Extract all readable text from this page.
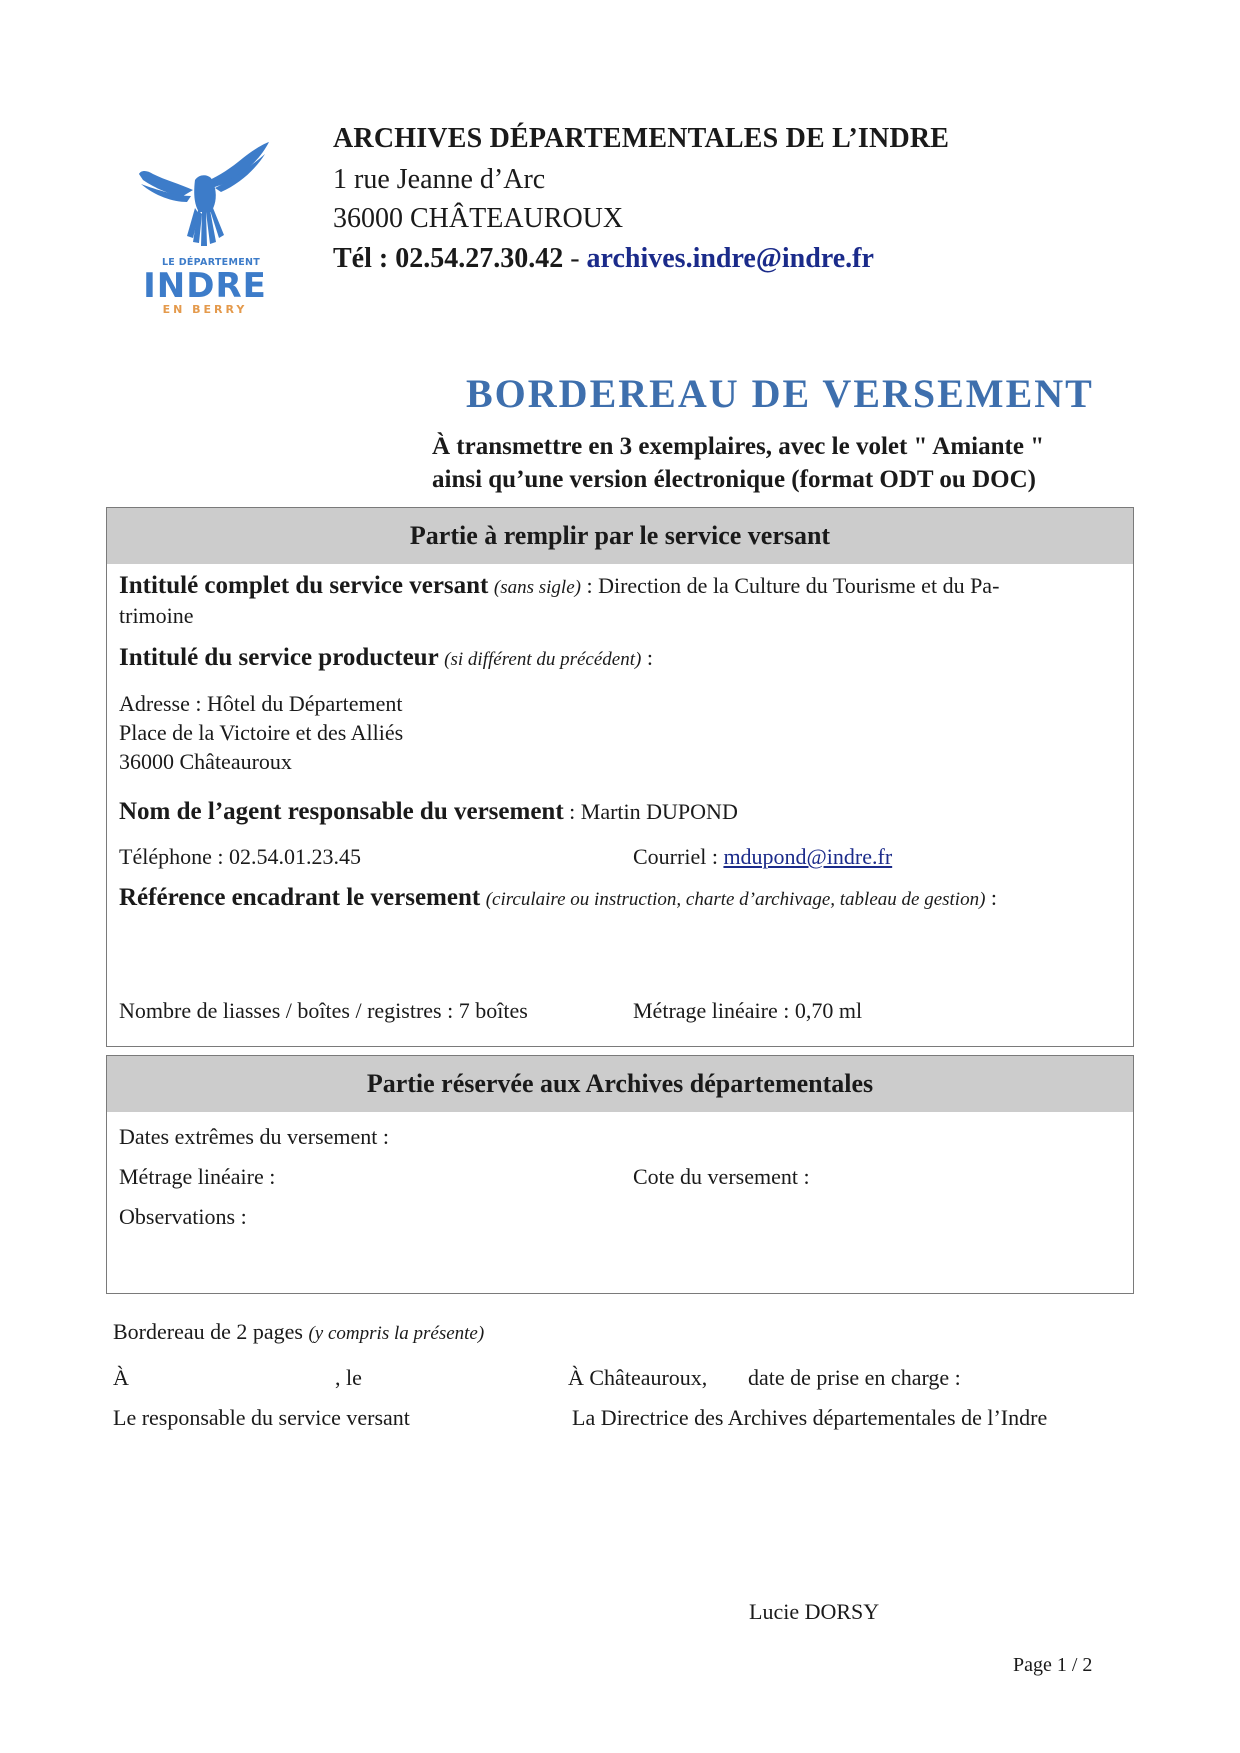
LE DÉPARTEMENT
INDRE
EN BERRY
ARCHIVES DÉPARTEMENTALES DE L’INDRE
1 rue Jeanne d’Arc
36000 CHÂTEAUROUX
Tél : 02.54.27.30.42 - archives.indre@indre.fr
BORDEREAU DE VERSEMENT
À transmettre en 3 exemplaires, avec le volet " Amiante "
ainsi qu’une version électronique (format ODT ou DOC)
Partie à remplir par le service versant
Intitulé complet du service versant (sans sigle) : Direction de la Culture du Tourisme et du Pa-
trimoine
Intitulé du service producteur (si différent du précédent) :
Adresse : Hôtel du Département
Place de la Victoire et des Alliés
36000 Châteauroux
Nom de l’agent responsable du versement : Martin DUPOND
Téléphone : 02.54.01.23.45	Courriel : mdupond@indre.fr
Référence encadrant le versement (circulaire ou instruction, charte d’archivage, tableau de gestion) :
Nombre de liasses / boîtes / registres : 7 boîtes	Métrage linéaire : 0,70 ml
Partie réservée aux Archives départementales
Dates extrêmes du versement :
Métrage linéaire :	Cote du versement :
Observations :
Bordereau de 2 pages (y compris la présente)
À	, le	À Châteauroux, date de prise en charge :
Le responsable du service versant	La Directrice des Archives départementales de l’Indre
Lucie DORSY
Page 1 / 2
